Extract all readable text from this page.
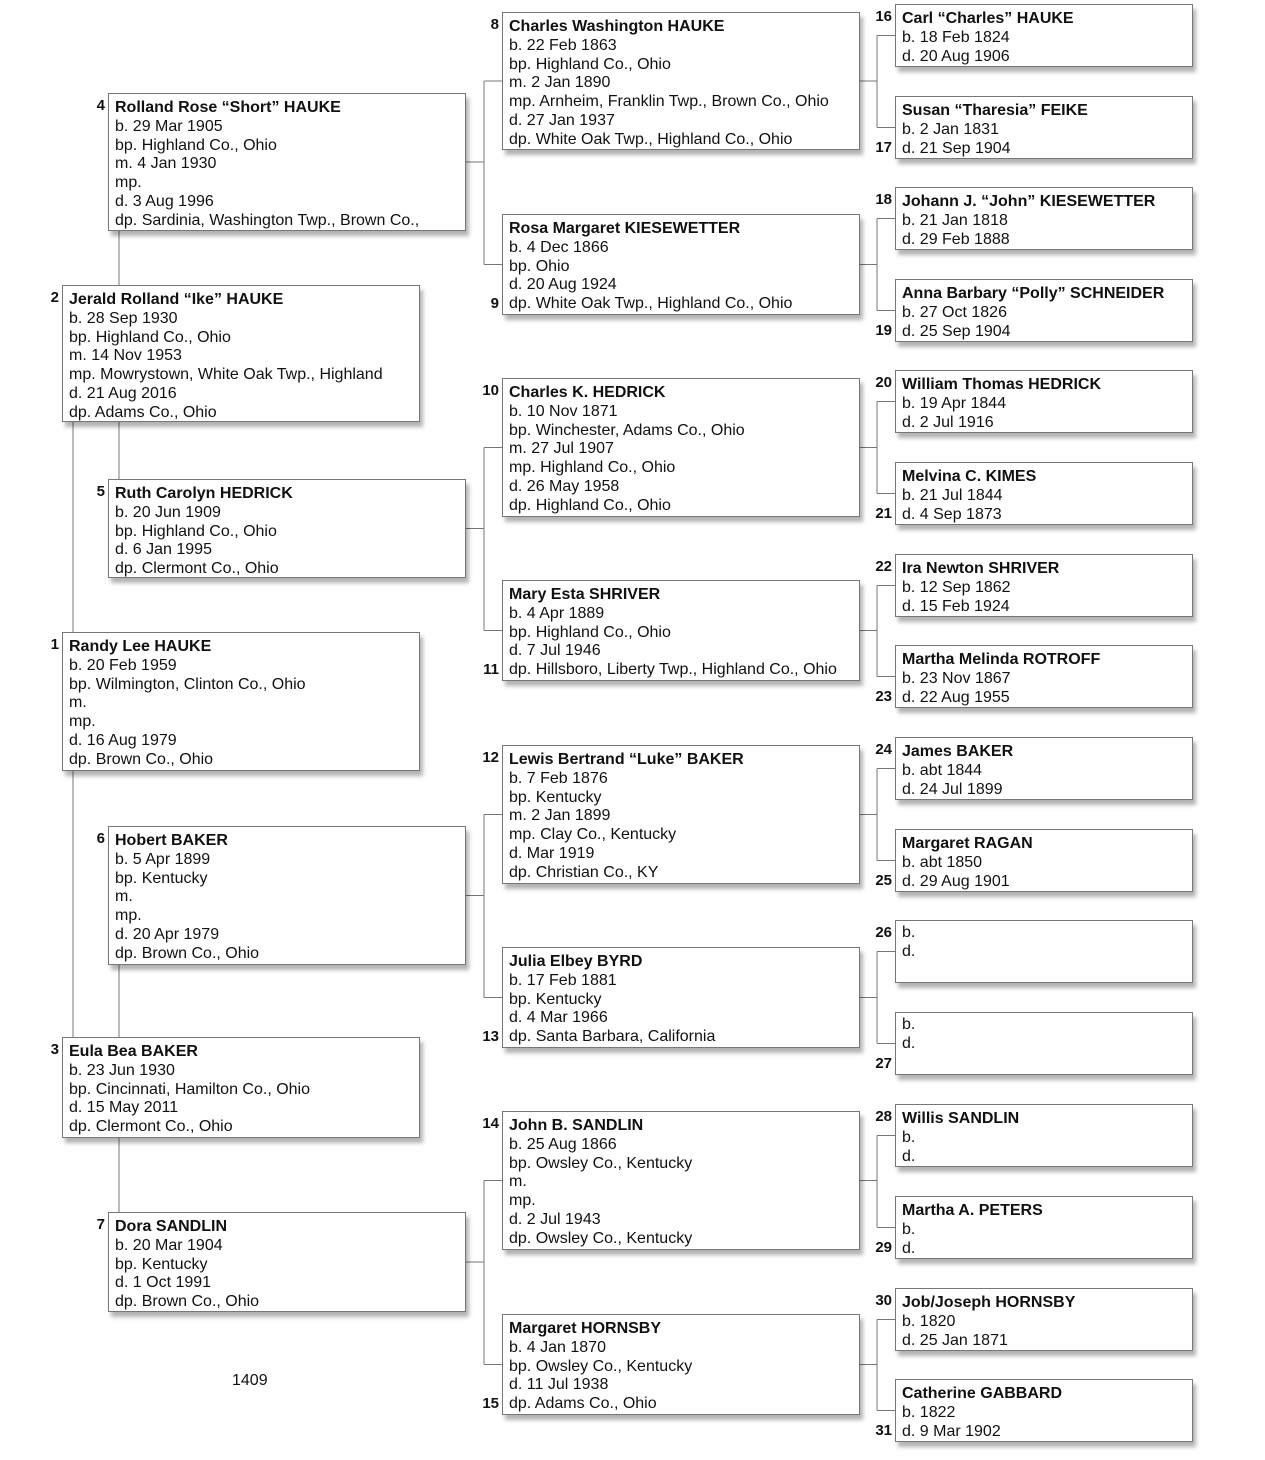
Randy Lee HAUKE
b. 20 Feb 1959
bp. Wilmington, Clinton Co., Ohio
m.
mp.
d. 16 Aug 1979
dp. Brown Co., Ohio
1
Jerald Rolland “Ike” HAUKE
b. 28 Sep 1930
bp. Highland Co., Ohio
m. 14 Nov 1953
mp. Mowrystown, White Oak Twp., Highland
d. 21 Aug 2016
dp. Adams Co., Ohio
2
Eula Bea BAKER
b. 23 Jun 1930
bp. Cincinnati, Hamilton Co., Ohio
d. 15 May 2011
dp. Clermont Co., Ohio
3
Rolland Rose “Short” HAUKE
b. 29 Mar 1905
bp. Highland Co., Ohio
m. 4 Jan 1930
mp.
d. 3 Aug 1996
dp. Sardinia, Washington Twp., Brown Co.,
4
Ruth Carolyn HEDRICK
b. 20 Jun 1909
bp. Highland Co., Ohio
d. 6 Jan 1995
dp. Clermont Co., Ohio
5
Hobert BAKER
b. 5 Apr 1899
bp. Kentucky
m.
mp.
d. 20 Apr 1979
dp. Brown Co., Ohio
6
Dora SANDLIN
b. 20 Mar 1904
bp. Kentucky
d. 1 Oct 1991
dp. Brown Co., Ohio
7
Charles Washington HAUKE
b. 22 Feb 1863
bp. Highland Co., Ohio
m. 2 Jan 1890
mp. Arnheim, Franklin Twp., Brown Co., Ohio
d. 27 Jan 1937
dp. White Oak Twp., Highland Co., Ohio
8
Rosa Margaret KIESEWETTER
b. 4 Dec 1866
bp. Ohio
d. 20 Aug 1924
dp. White Oak Twp., Highland Co., Ohio
9
Charles K. HEDRICK
b. 10 Nov 1871
bp. Winchester, Adams Co., Ohio
m. 27 Jul 1907
mp. Highland Co., Ohio
d. 26 May 1958
dp. Highland Co., Ohio
10
Mary Esta SHRIVER
b. 4 Apr 1889
bp. Highland Co., Ohio
d. 7 Jul 1946
dp. Hillsboro, Liberty Twp., Highland Co., Ohio
11
Lewis Bertrand “Luke” BAKER
b. 7 Feb 1876
bp. Kentucky
m. 2 Jan 1899
mp. Clay Co., Kentucky
d. Mar 1919
dp. Christian Co., KY
12
Julia Elbey BYRD
b. 17 Feb 1881
bp. Kentucky
d. 4 Mar 1966
dp. Santa Barbara, California
13
John B. SANDLIN
b. 25 Aug 1866
bp. Owsley Co., Kentucky
m.
mp.
d. 2 Jul 1943
dp. Owsley Co., Kentucky
14
Margaret HORNSBY
b. 4 Jan 1870
bp. Owsley Co., Kentucky
d. 11 Jul 1938
dp. Adams Co., Ohio
15
Carl “Charles” HAUKE
b. 18 Feb 1824
d. 20 Aug 1906
16
Susan “Tharesia” FEIKE
b. 2 Jan 1831
d. 21 Sep 1904
17
Johann J. “John” KIESEWETTER
b. 21 Jan 1818
d. 29 Feb 1888
18
Anna Barbary “Polly” SCHNEIDER
b. 27 Oct 1826
d. 25 Sep 1904
19
William Thomas HEDRICK
b. 19 Apr 1844
d. 2 Jul 1916
20
Melvina C. KIMES
b. 21 Jul 1844
d. 4 Sep 1873
21
Ira Newton SHRIVER
b. 12 Sep 1862
d. 15 Feb 1924
22
Martha Melinda ROTROFF
b. 23 Nov 1867
d. 22 Aug 1955
23
James BAKER
b. abt 1844
d. 24 Jul 1899
24
Margaret RAGAN
b. abt 1850
d. 29 Aug 1901
25
b.
d.
26
b.
d.
27
Willis SANDLIN
b.
d.
28
Martha A. PETERS
b.
d.
29
Job/Joseph HORNSBY
b. 1820
d. 25 Jan 1871
30
Catherine GABBARD
b. 1822
d. 9 Mar 1902
31
1409
